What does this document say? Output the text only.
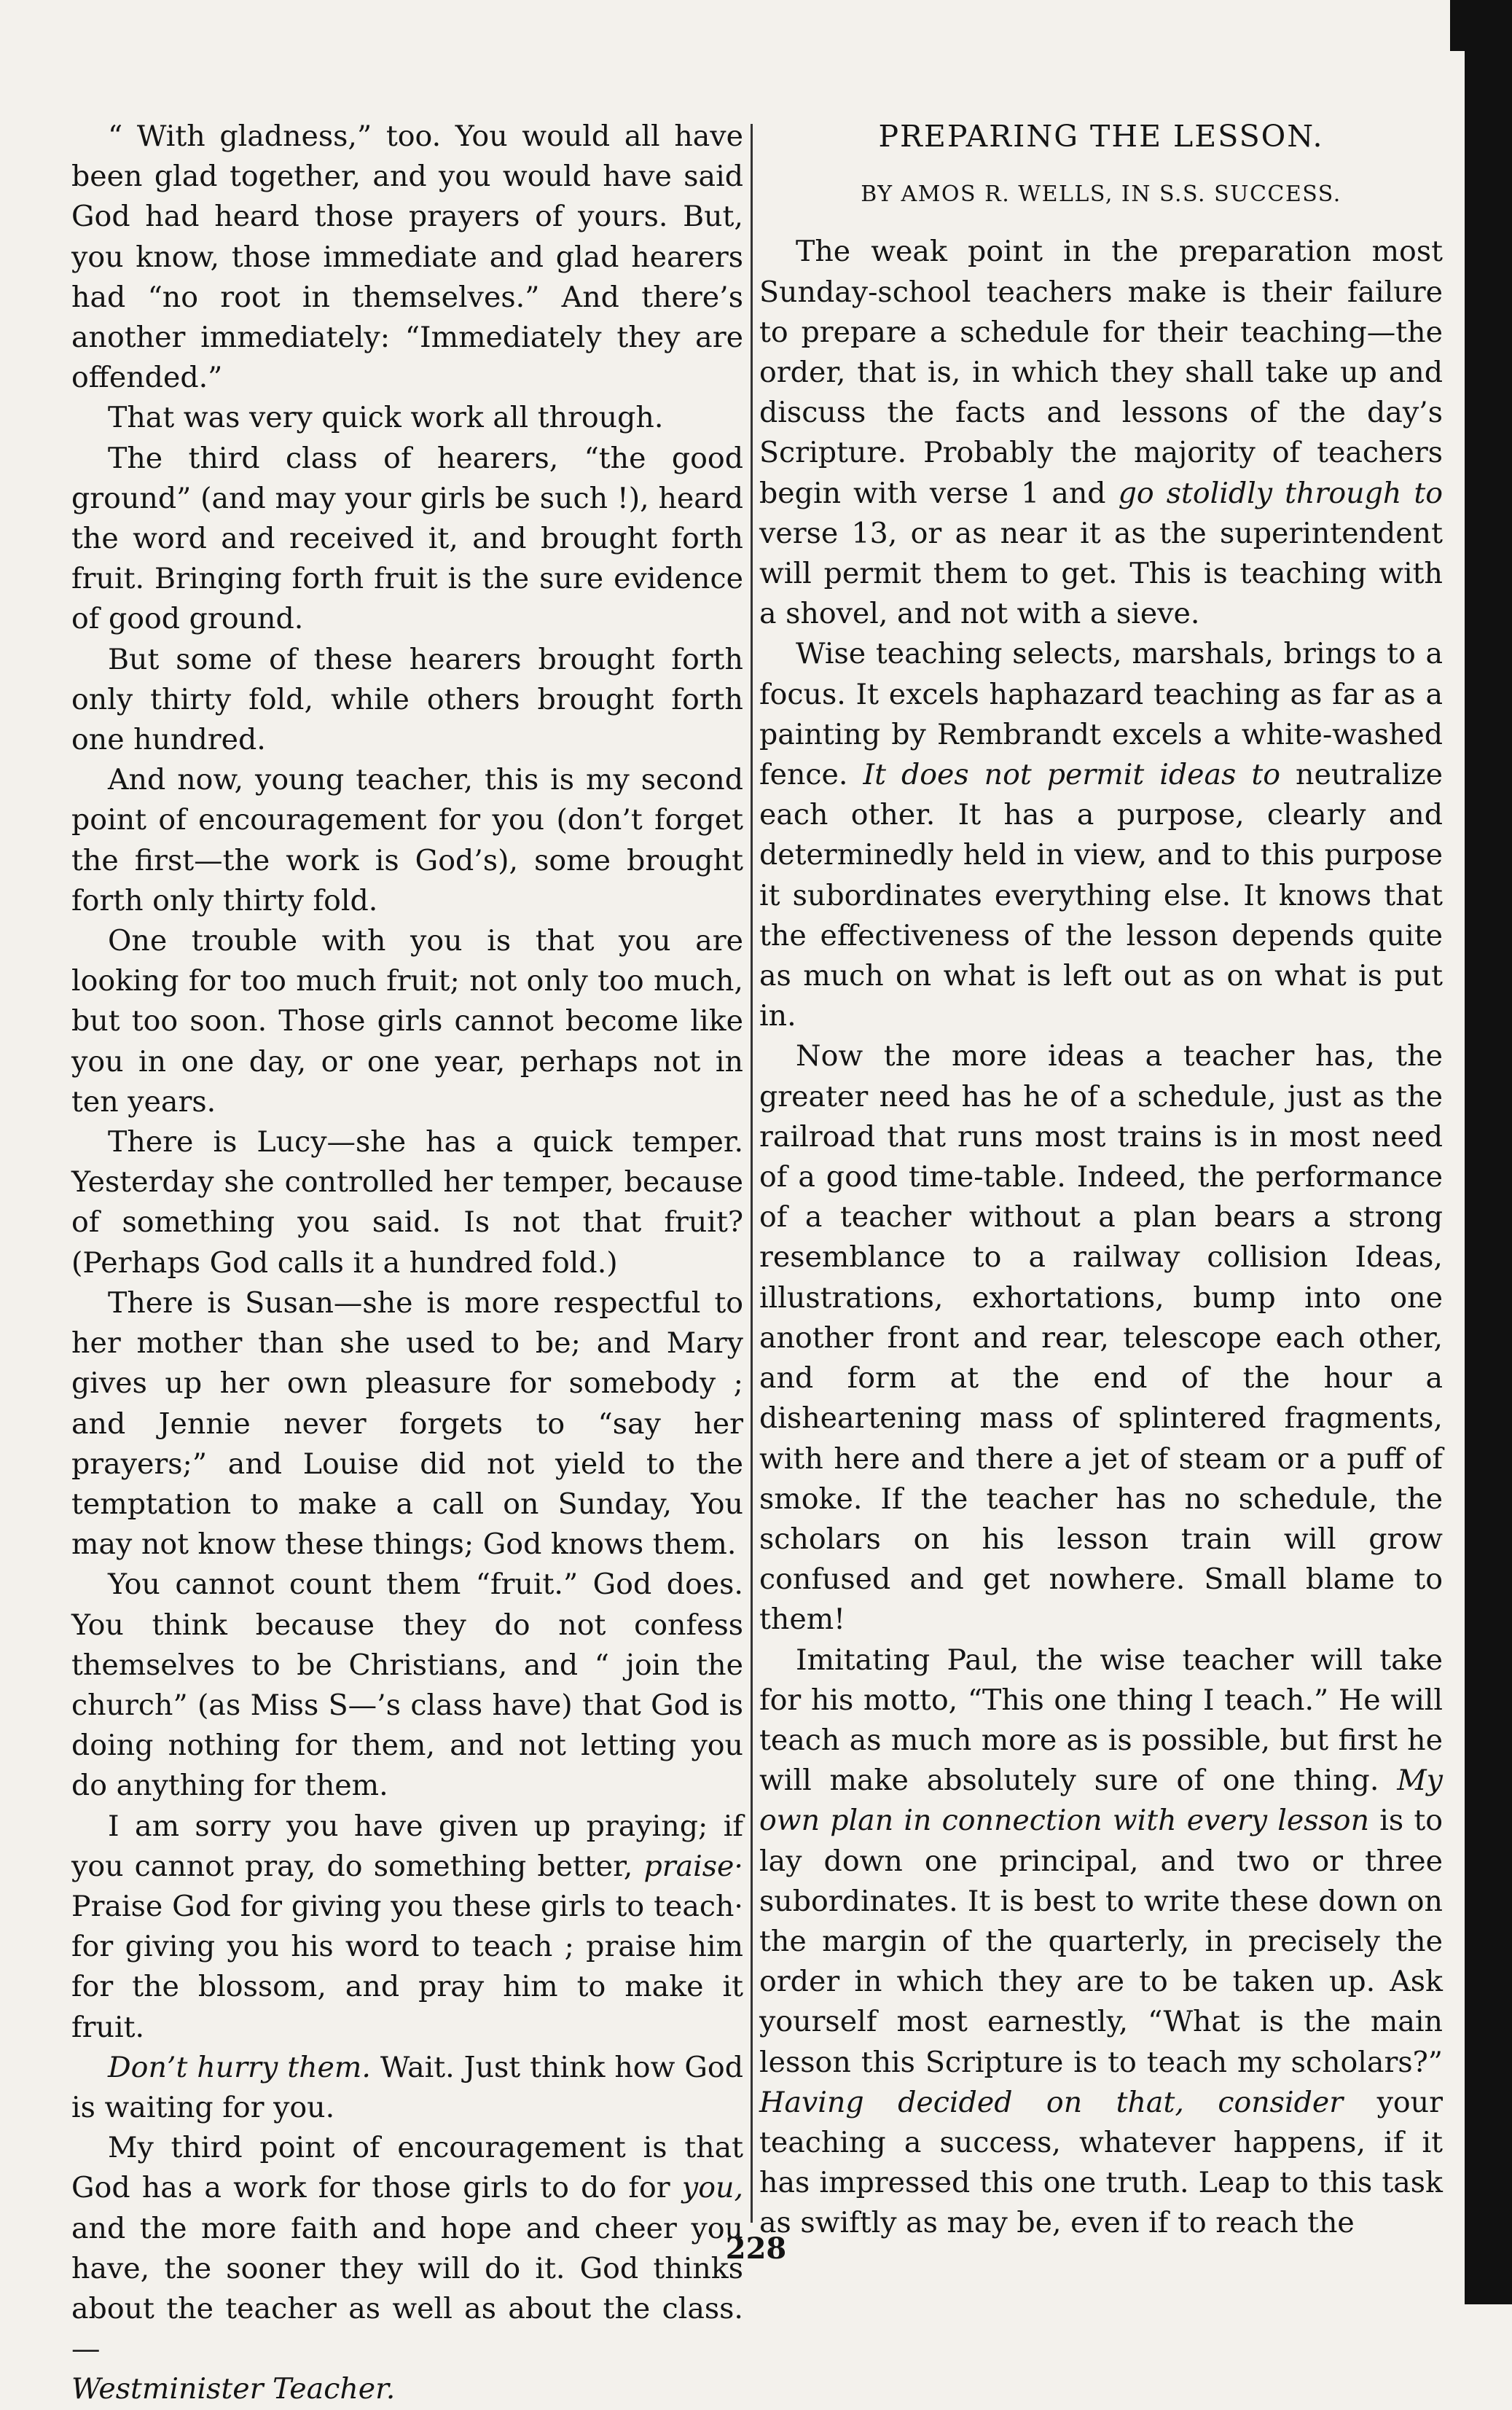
“ With gladness,” too. You would all have been glad together, and you would have said God had heard those prayers of yours. But, you know, those immediate and glad hearers had “no root in themselves.” And there’s another immediately: “Immediately they are offended.”

That was very quick work all through.

The third class of hearers, “the good ground” (and may your girls be such !), heard the word and received it, and brought forth fruit. Bringing forth fruit is the sure evidence of good ground.

But some of these hearers brought forth only thirty fold, while others brought forth one hundred.

And now, young teacher, this is my second point of encouragement for you (don’t forget the first—the work is God’s), some brought forth only thirty fold.

One trouble with you is that you are looking for too much fruit; not only too much, but too soon. Those girls cannot become like you in one day, or one year, perhaps not in ten years.

There is Lucy—she has a quick temper. Yesterday she controlled her temper, because of something you said. Is not that fruit? (Perhaps God calls it a hundred fold.)

There is Susan—she is more respectful to her mother than she used to be; and Mary gives up her own pleasure for somebody ; and Jennie never forgets to “say her prayers;” and Louise did not yield to the temptation to make a call on Sunday, You may not know these things; God knows them.

You cannot count them “fruit.” God does. You think because they do not confess themselves to be Christians, and “ join the church” (as Miss S—’s class have) that God is doing nothing for them, and not letting you do anything for them.

I am sorry you have given up praying; if you cannot pray, do something better, praise· Praise God for giving you these girls to teach· for giving you his word to teach ; praise him for the blossom, and pray him to make it fruit.

Don’t hurry them. Wait. Just think how God is waiting for you.

My third point of encouragement is that God has a work for those girls to do for you, and the more faith and hope and cheer you have, the sooner they will do it. God thinks about the teacher as well as about the class.—

Westminister Teacher.

PREPARING THE LESSON.

BY AMOS R. WELLS, IN S.S. SUCCESS.

The weak point in the preparation most Sunday-school teachers make is their failure to prepare a schedule for their teaching—the order, that is, in which they shall take up and discuss the facts and lessons of the day’s Scripture. Probably the majority of teachers begin with verse 1 and go stolidly through to verse 13, or as near it as the superintendent will permit them to get. This is teaching with a shovel, and not with a sieve.

Wise teaching selects, marshals, brings to a focus. It excels haphazard teaching as far as a painting by Rembrandt excels a white-washed fence. It does not permit ideas to neutralize each other. It has a purpose, clearly and determinedly held in view, and to this purpose it subordinates everything else. It knows that the effectiveness of the lesson depends quite as much on what is left out as on what is put in.

Now the more ideas a teacher has, the greater need has he of a schedule, just as the railroad that runs most trains is in most need of a good time-table. Indeed, the performance of a teacher without a plan bears a strong resemblance to a railway collision Ideas, illustrations, exhortations, bump into one another front and rear, telescope each other, and form at the end of the hour a disheartening mass of splintered fragments, with here and there a jet of steam or a puff of smoke. If the teacher has no schedule, the scholars on his lesson train will grow confused and get nowhere. Small blame to them!

Imitating Paul, the wise teacher will take for his motto, “This one thing I teach.” He will teach as much more as is possible, but first he will make absolutely sure of one thing. My own plan in connection with every lesson is to lay down one principal, and two or three subordinates. It is best to write these down on the margin of the quarterly, in precisely the order in which they are to be taken up. Ask yourself most earnestly, “What is the main lesson this Scripture is to teach my scholars?” Having decided on that, consider your teaching a success, whatever happens, if it has impressed this one truth. Leap to this task as swiftly as may be, even if to reach the

228
